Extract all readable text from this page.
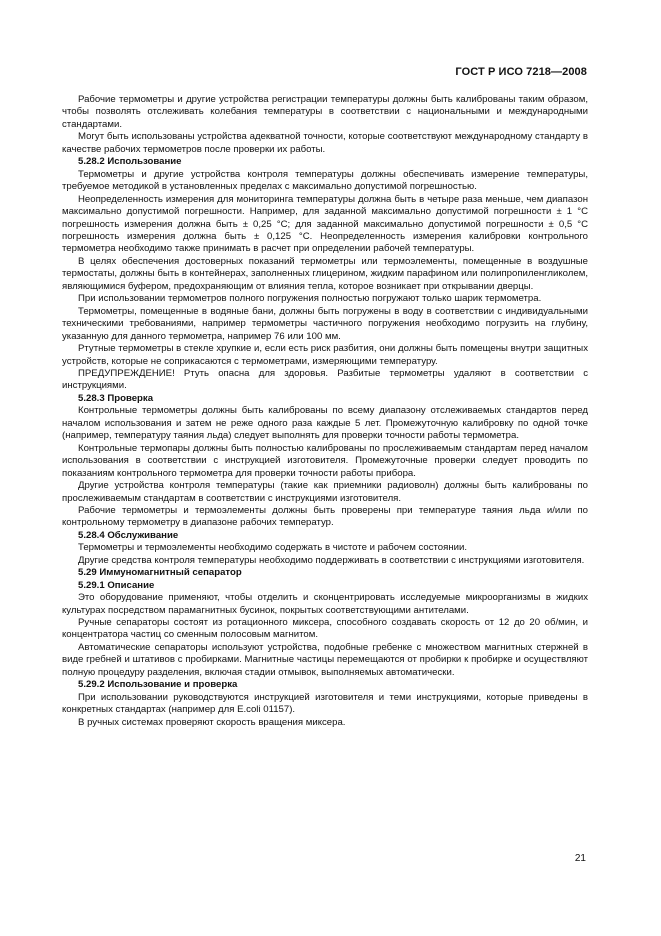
ГОСТ Р ИСО 7218—2008

Рабочие термометры и другие устройства регистрации температуры должны быть калиброваны таким образом, чтобы позволять отслеживать колебания температуры в соответствии с национальными и международными стандартами.

Могут быть использованы устройства адекватной точности, которые соответствуют международному стандарту в качестве рабочих термометров после проверки их работы.

5.28.2 Использование

Термометры и другие устройства контроля температуры должны обеспечивать измерение температуры, требуемое методикой в установленных пределах с максимально допустимой погрешностью.

Неопределенность измерения для мониторинга температуры должна быть в четыре раза меньше, чем диапазон максимально допустимой погрешности. Например, для заданной максимально допустимой погрешности ± 1 °С погрешность измерения должна быть ± 0,25 °С; для заданной максимально допустимой погрешности ± 0,5 °С погрешность измерения должна быть ± 0,125 °С. Неопределенность измерения калибровки контрольного термометра необходимо также принимать в расчет при определении рабочей температуры.

В целях обеспечения достоверных показаний термометры или термоэлементы, помещенные в воздушные термостаты, должны быть в контейнерах, заполненных глицерином, жидким парафином или полипропиленгликолем, являющимися буфером, предохраняющим от влияния тепла, которое возникает при открывании дверцы.

При использовании термометров полного погружения полностью погружают только шарик термометра.

Термометры, помещенные в водяные бани, должны быть погружены в воду в соответствии с индивидуальными техническими требованиями, например термометры частичного погружения необходимо погрузить на глубину, указанную для данного термометра, например 76 или 100 мм.

Ртутные термометры в стекле хрупкие и, если есть риск разбития, они должны быть помещены внутри защитных устройств, которые не соприкасаются с термометрами, измеряющими температуру.

ПРЕДУПРЕЖДЕНИЕ! Ртуть опасна для здоровья. Разбитые термометры удаляют в соответствии с инструкциями.

5.28.3 Проверка

Контрольные термометры должны быть калиброваны по всему диапазону отслеживаемых стандартов перед началом использования и затем не реже одного раза каждые 5 лет. Промежуточную калибровку по одной точке (например, температуру таяния льда) следует выполнять для проверки точности работы термометра.

Контрольные термопары должны быть полностью калиброваны по прослеживаемым стандартам перед началом использования в соответствии с инструкцией изготовителя. Промежуточные проверки следует проводить по показаниям контрольного термометра для проверки точности работы прибора.

Другие устройства контроля температуры (такие как приемники радиоволн) должны быть калиброваны по прослеживаемым стандартам в соответствии с инструкциями изготовителя.

Рабочие термометры и термоэлементы должны быть проверены при температуре таяния льда и/или по контрольному термометру в диапазоне рабочих температур.

5.28.4 Обслуживание

Термометры и термоэлементы необходимо содержать в чистоте и рабочем состоянии.

Другие средства контроля температуры необходимо поддерживать в соответствии с инструкциями изготовителя.

5.29 Иммуномагнитный сепаратор
5.29.1 Описание

Это оборудование применяют, чтобы отделить и сконцентрировать исследуемые микроорганизмы в жидких культурах посредством парамагнитных бусинок, покрытых соответствующими антителами.

Ручные сепараторы состоят из ротационного миксера, способного создавать скорость от 12 до 20 об/мин, и концентратора частиц со сменным полосовым магнитом.

Автоматические сепараторы используют устройства, подобные гребенке с множеством магнитных стержней в виде гребней и штативов с пробирками. Магнитные частицы перемещаются от пробирки к пробирке и осуществляют полную процедуру разделения, включая стадии отмывок, выполняемых автоматически.

5.29.2 Использование и проверка

При использовании руководствуются инструкцией изготовителя и теми инструкциями, которые приведены в конкретных стандартах (например для E.coli 01157).

В ручных системах проверяют скорость вращения миксера.

21
